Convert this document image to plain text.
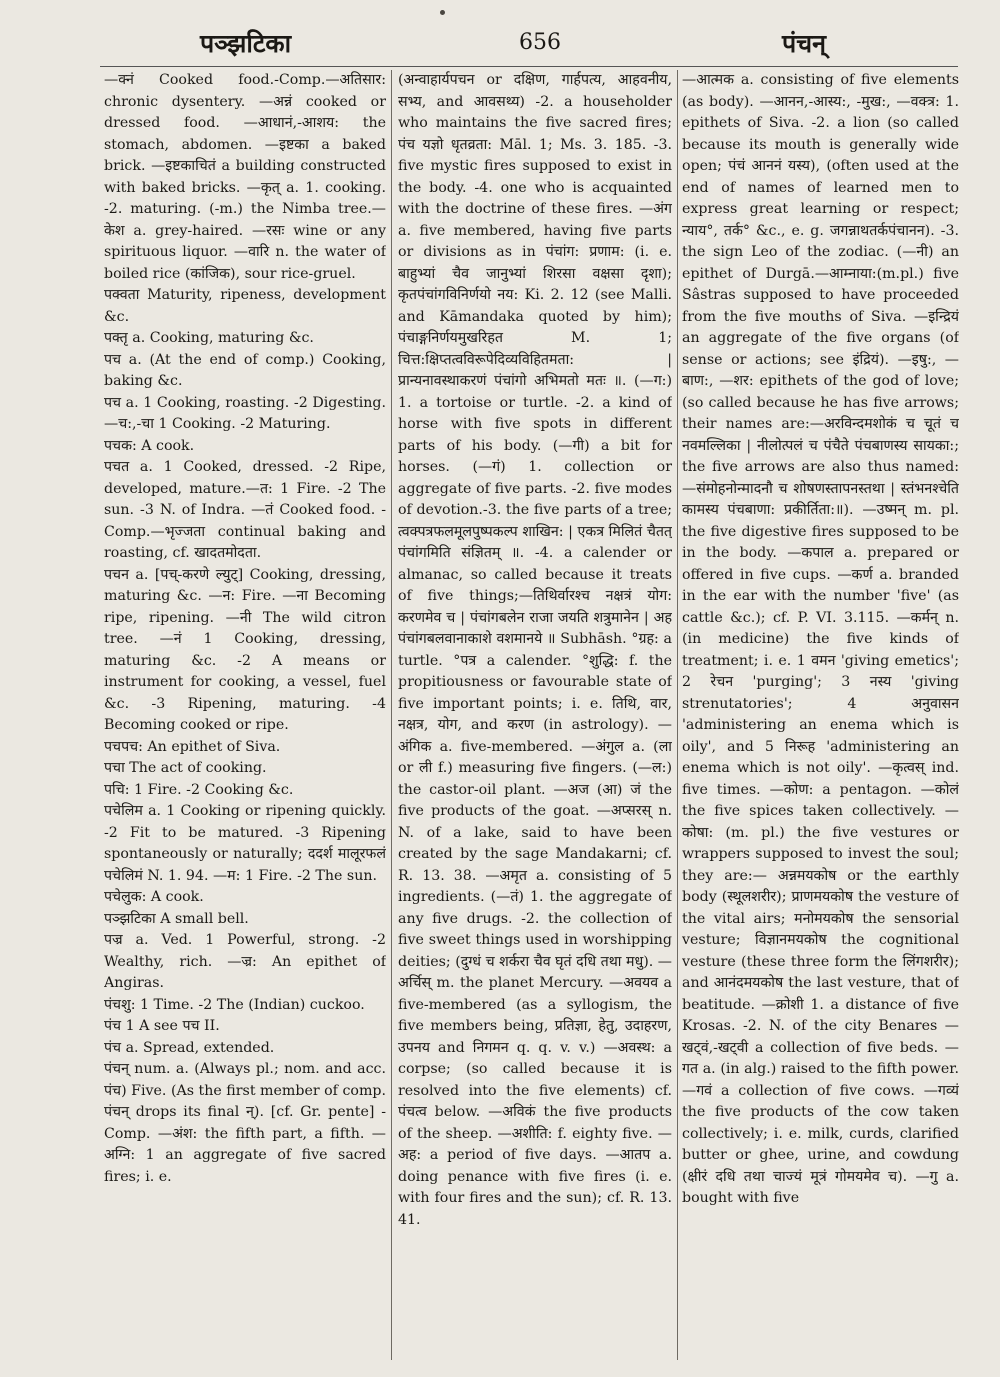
पञ्झटिका	656	पंचन्

—क्नं Cooked food.-Comp.—अतिसार: chronic dysentery. —अन्नं cooked or dressed food. —आधानं,-आशय: the stomach, abdomen. —इष्टका a baked brick. —इष्टकाचितं a building constructed with baked bricks. —कृत् a. 1. cooking. -2. maturing. (-m.) the Nimba tree.—केश a. grey-haired. —रसः wine or any spirituous liquor. —वारि n. the water of boiled rice (कांजिक), sour rice-gruel.

पक्वता Maturity, ripeness, development &c.

पक्तृ a. Cooking, maturing &c.

पच a. (At the end of comp.) Cooking, baking &c.

पच a. 1 Cooking, roasting. -2 Digesting. —च:,-चा 1 Cooking. -2 Maturing.

पचक: A cook.

पचत a. 1 Cooked, dressed. -2 Ripe, developed, mature.—त: 1 Fire. -2 The sun. -3 N. of Indra. —तं Cooked food. -Comp.—भृज्जता continual baking and roasting, cf. खादतमोदता.

पचन a. [पच्-करणे ल्युट्] Cooking, dressing, maturing &c. —न: Fire. —ना Becoming ripe, ripening. —नी The wild citron tree. —नं 1 Cooking, dressing, maturing &c. -2 A means or instrument for cooking, a vessel, fuel &c. -3 Ripening, maturing. -4 Becoming cooked or ripe.

पचपच: An epithet of Siva.

पचा The act of cooking.

पचि: 1 Fire. -2 Cooking &c.

पचेलिम a. 1 Cooking or ripening quickly. -2 Fit to be matured. -3 Ripening spontaneously or naturally; ददर्श मालूरफलं पचेलिमं N. 1. 94. —म: 1 Fire. -2 The sun.

पचेलुक: A cook.

पञ्झटिका A small bell.

पज्र a. Ved. 1 Powerful, strong. -2 Wealthy, rich. —ज्र: An epithet of Angiras.

पंचशु: 1 Time. -2 The (Indian) cuckoo.

पंच 1 A see पच II.

पंच a. Spread, extended.

पंचन् num. a. (Always pl.; nom. and acc. पंच) Five. (As the first member of comp. पंचन् drops its final न्). [cf. Gr. pente] -Comp. —अंश: the fifth part, a fifth. —अग्नि: 1 an aggregate of five sacred fires; i. e.

(अन्वाहार्यपचन or दक्षिण, गार्हपत्य, आहवनीय, सभ्य, and आवसथ्य) -2. a householder who maintains the five sacred fires; पंच यज्ञो धृतव्रता: Māl. 1; Ms. 3. 185. -3. five mystic fires supposed to exist in the body. -4. one who is acquainted with the doctrine of these fires. —अंग a. five membered, having five parts or divisions as in पंचांग: प्रणाम: (i. e. बाहुभ्यां चैव जानुभ्यां शिरसा वक्षसा दृशा); कृतपंचांगविनिर्णयो नय: Ki. 2. 12 (see Malli. and Kāmandaka quoted by him); पंचाङ्गनिर्णयमुखरिहत M. 1; चित्त:क्षिप्तत्वविरूपेदिव्यविहितमता: | प्रान्यनावस्थाकरणं पंचांगो अभिमतो मतः ॥. (—ग:) 1. a tortoise or turtle. -2. a kind of horse with five spots in different parts of his body. (—गी) a bit for horses. (—गं) 1. collection or aggregate of five parts. -2. five modes of devotion.-3. the five parts of a tree; त्वक्पत्रफलमूलपुष्पकल्प शाखिन: | एकत्र मिलितं चैतत् पंचांगमिति संज्ञितम् ॥. -4. a calender or almanac, so called because it treats of five things;—तिथिर्वारश्च नक्षत्रं योग: करणमेव च | पंचांगबलेन राजा जयति शत्रुमानेन | अह पंचांगबलवानाकाशे वशमानये ॥ Subhāsh. °ग्रह: a turtle. °पत्र a calender. °शुद्धि: f. the propitiousness or favourable state of five important points; i. e. तिथि, वार, नक्षत्र, योग, and करण (in astrology). —अंगिक a. five-membered. —अंगुल a. (ला or ली f.) measuring five fingers. (—ल:) the castor-oil plant. —अज (आ) जं the five products of the goat. —अप्सरस् n. N. of a lake, said to have been created by the sage Mandakarni; cf. R. 13. 38. —अमृत a. consisting of 5 ingredients. (—तं) 1. the aggregate of any five drugs. -2. the collection of five sweet things used in worshipping deities; (दुग्धं च शर्करा चैव घृतं दधि तथा मधु). —अर्चिस् m. the planet Mercury. —अवयव a five-membered (as a syllogism, the five members being, प्रतिज्ञा, हेतु, उदाहरण, उपनय and निगमन q. q. v. v.) —अवस्थ: a corpse; (so called because it is resolved into the five elements) cf. पंचत्व below. —अविकं the five products of the sheep. —अशीति: f. eighty five. —अह: a period of five days. —आतप a. doing penance with five fires (i. e. with four fires and the sun); cf. R. 13. 41.

—आत्मक a. consisting of five elements (as body). —आनन,-आस्य:, -मुख:, —वक्त्र: 1. epithets of Siva. -2. a lion (so called because its mouth is generally wide open; पंचं आननं यस्य), (often used at the end of names of learned men to express great learning or respect; न्याय°, तर्क° &c., e. g. जगन्नाथतर्कपंचानन). -3. the sign Leo of the zodiac. (—नी) an epithet of Durgā.—आम्नाया:(m.pl.) five Sâstras supposed to have proceeded from the five mouths of Siva. —इन्द्रियं an aggregate of the five organs (of sense or actions; see इंद्रियं). —इषु:, —बाण:, —शर: epithets of the god of love; (so called because he has five arrows; their names are:—अरविन्दमशोकं च चूतं च नवमल्लिका | नीलोत्पलं च पंचैते पंचबाणस्य सायका:; the five arrows are also thus named:—संमोहनोन्मादनौ च शोषणस्तापनस्तथा | स्तंभनश्चेति कामस्य पंचबाणा: प्रकीर्तिता:॥). —उष्मन् m. pl. the five digestive fires supposed to be in the body. —कपाल a. prepared or offered in five cups. —कर्ण a. branded in the ear with the number 'five' (as cattle &c.); cf. P. VI. 3.115. —कर्मन् n. (in medicine) the five kinds of treatment; i. e. 1 वमन 'giving emetics'; 2 रेचन 'purging'; 3 नस्य 'giving strenutatories'; 4 अनुवासन 'administering an enema which is oily', and 5 निरूह 'administering an enema which is not oily'. —कृत्वस् ind. five times. —कोण: a pentagon. —कोलं the five spices taken collectively. —कोषा: (m. pl.) the five vestures or wrappers supposed to invest the soul; they are:— अन्नमयकोष or the earthly body (स्थूलशरीर); प्राणमयकोष the vesture of the vital airs; मनोमयकोष the sensorial vesture; विज्ञानमयकोष the cognitional vesture (these three form the लिंगशरीर); and आनंदमयकोष the last vesture, that of beatitude. —क्रोशी 1. a distance of five Krosas. -2. N. of the city Benares —खट्वं,-खट्वी a collection of five beds. —गत a. (in alg.) raised to the fifth power. —गवं a collection of five cows. —गव्यं the five products of the cow taken collectively; i. e. milk, curds, clarified butter or ghee, urine, and cowdung (क्षीरं दधि तथा चाज्यं मूत्रं गोमयमेव च). —गु a. bought with five
